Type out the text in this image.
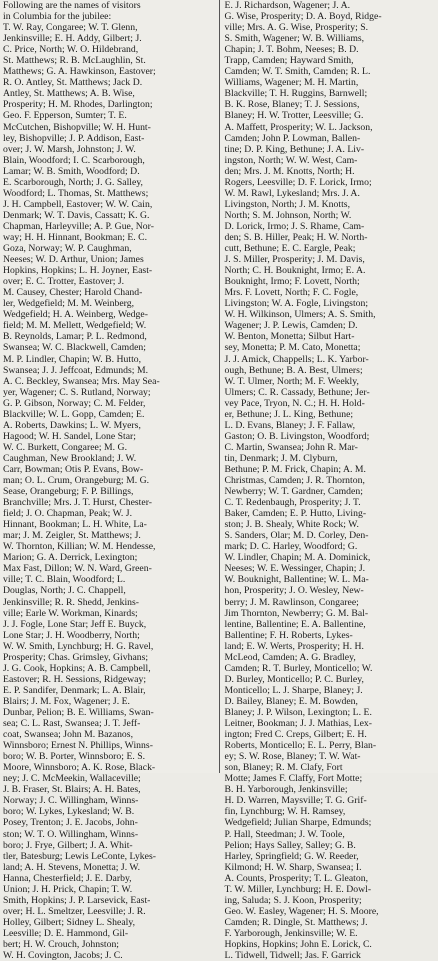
Following are the names of visitors
in Columbia for the jubilee:
T. W. Ray, Congaree; W. T. Glenn,
Jenkinsville; E. H. Addy, Gilbert; J.
C. Price, North; W. O. Hildebrand,
St. Matthews; R. B. McLaughlin, St.
Matthews; G. A. Hawkinson, Eastover;
R. O. Antley, St. Matthews; Jack D.
Antley, St. Matthews; A. B. Wise,
Prosperity; H. M. Rhodes, Darlington;
Geo. F. Epperson, Sumter; T. E.
McCutchen, Bishopville; W. H. Hunt-
ley, Bishopville; J. P. Addison, East-
over; J. W. Marsh, Johnston; J. W.
Blain, Woodford; I. C. Scarborough,
Lamar; W. B. Smith, Woodford; D.
E. Scarborough, North; J. G. Salley,
Woodford; L. Thomas, St. Matthews;
J. H. Campbell, Eastover; W. W. Cain,
Denmark; W. T. Davis, Cassatt; K. G.
Chapman, Harleyville; A. P. Gue, Nor-
way; H. H. Hinnant, Bookman; E. C.
Goza, Norway; W. P. Caughman,
Neeses; W. D. Arthur, Union; James
Hopkins, Hopkins; L. H. Joyner, East-
over; E. C. Trotter, Eastover; J.
M. Causey, Chester; Harold Chand-
ler, Wedgefield; M. M. Weinberg,
Wedgefield; H. A. Weinberg, Wedge-
field; M. M. Mellett, Wedgefield; W.
B. Reynolds, Lamar; P. L. Redmond,
Swansea; W. C. Blackwell, Camden;
M. P. Lindler, Chapin; W. B. Hutto,
Swansea; J. J. Jeffcoat, Edmunds; M.
A. C. Beckley, Swansea; Mrs. May Sea-
yer, Wagener; C. S. Rutland, Norway;
G. P. Gibson, Norway; C. M. Felder,
Blackville; W. L. Gopp, Camden; E.
A. Roberts, Dawkins; L. W. Myers,
Hagood; W. H. Sandel, Lone Star;
W. C. Burkett, Congaree; M. G.
Caughman, New Brookland; J. W.
Carr, Bowman; Otis P. Evans, Bow-
man; O. L. Crum, Orangeburg; M. G.
Sease, Orangeburg; F. P. Billings,
Branchville; Mrs. J. T. Hurst, Chester-
field; J. O. Chapman, Peak; W. J.
Hinnant, Bookman; L. H. White, La-
mar; J. M. Zeigler, St. Matthews; J.
W. Thornton, Killian; W. M. Hendesse,
Marion; G. A. Derrick, Lexington;
Max Fast, Dillon; W. N. Ward, Green-
ville; T. C. Blain, Woodford; L.
Douglas, North; J. C. Chappell,
Jenkinsville; R. R. Shedd, Jenkins-
ville; Earle W. Workman, Kinards;
J. J. Fogle, Lone Star; Jeff E. Buyck,
Lone Star; J. H. Woodberry, North;
W. W. Smith, Lynchburg; H. G. Ravel,
Prosperity; Chas. Grimsley, Givhans;
J. G. Cook, Hopkins; A. B. Campbell,
Eastover; R. H. Sessions, Ridgeway;
E. P. Sandifer, Denmark; L. A. Blair,
Blairs; J. M. Fox, Wagener; J. E.
Dunbar, Pelion; B. E. Williams, Swan-
sea; C. L. Rast, Swansea; J. T. Jeff-
coat, Swansea; John M. Bazanos,
Winnsboro; Ernest N. Phillips, Winns-
boro; W. B. Porter, Winnsboro; E. S.
Moore, Winnsboro; A. K. Rose, Black-
ney; J. C. McMeekin, Wallaceville;
J. B. Fraser, St. Blairs; A. H. Bates,
Norway; J. C. Willingham, Winns-
boro; W. Lykes, Lykesland; W. B.
Posey, Trenton; J. E. Jacobs, John-
ston; W. T. O. Willingham, Winns-
boro; J. Frye, Gilbert; J. A. Whit-
tler, Batesburg; Lewis LeConte, Lykes-
land; A. H. Stevens, Monetta; J. W.
Hanna, Chesterfield; J. E. Darby,
Union; J. H. Prick, Chapin; T. W.
Smith, Hopkins; J. P. Larsevick, East-
over; H. L. Smeltzer, Leesville; J. R.
Holley, Gilbert; Sidney L. Shealy,
Leesville; D. E. Hammond, Gil-
bert; H. W. Crouch, Johnston;
W. H. Covington, Jacobs; J. C.
E. J. Richardson, Wagener; J. A.
G. Wise, Prosperity; D. A. Boyd, Ridge-
ville; Mrs. A. G. Wise, Prosperity; S.
S. Smith, Wagener; W. B. Williams,
Chapin; J. T. Bohm, Neeses; B. D.
Trapp, Camden; Hayward Smith,
Camden; W. T. Smith, Camden; R. L.
Williams, Wagener; M. H. Martin,
Blackville; T. H. Ruggins, Barnwell;
B. K. Rose, Blaney; T. J. Sessions,
Blaney; H. W. Trotter, Leesville; G.
A. Maffett, Prosperity; W. L. Jackson,
Camden; John P. Lowman, Ballen-
tine; D. P. King, Bethune; J. A. Liv-
ingston, North; W. W. West, Cam-
den; Mrs. J. M. Knotts, North; H.
Rogers, Leesville; D. F. Lorick, Irmo;
W. M. Rawl, Lykesland; Mrs. J. A.
Livingston, North; J. M. Knotts,
North; S. M. Johnson, North; W.
D. Lorick, Irmo; J. S. Rhame, Cam-
den; S. B. Hiller, Peak; H. W. North-
cutt, Bethune; E. C. Eargle, Peak;
J. S. Miller, Prosperity; J. M. Davis,
North; C. H. Bouknight, Irmo; E. A.
Bouknight, Irmo; F. Lovett, North;
Mrs. F. Lovett, North; F. C. Fogle,
Livingston; W. A. Fogle, Livingston;
W. H. Wilkinson, Ulmers; A. S. Smith,
Wagener; J. P. Lewis, Camden; D.
W. Benton, Monetta; Silbut Hart-
sey, Monetta; P. M. Cato, Monetta;
J. J. Amick, Chappells; L. K. Yarbor-
ough, Bethune; B. A. Best, Ulmers;
W. T. Ulmer, North; M. F. Weekly,
Ulmers; C. R. Cassady, Bethune; Jer-
vey Pace, Tryon, N. C.; H. H. Hold-
er, Bethune; J. L. King, Bethune;
L. D. Evans, Blaney; J. F. Fallaw,
Gaston; O. B. Livingston, Woodford;
C. Martin, Swansea; John R. Mar-
tin, Denmark; J. M. Clyburn,
Bethune; P. M. Frick, Chapin; A. M.
Christmas, Camden; J. R. Thornton,
Newberry; W. T. Gardner, Camden;
C. T. Redenbaugh, Prosperity; J. T.
Baker, Camden; E. P. Hutto, Living-
ston; J. B. Shealy, White Rock; W.
S. Sanders, Olar; M. D. Corley, Den-
mark; D. C. Harley, Woodford; G.
W. Lindler, Chapin; M. A. Dominick,
Neeses; W. E. Wessinger, Chapin; J.
W. Bouknight, Ballentine; W. L. Ma-
hon, Prosperity; J. O. Wesley, New-
berry; J. M. Rawlinson, Congaree;
Jim Thornton, Newberry; G. M. Bal-
lentine, Ballentine; E. A. Ballentine,
Ballentine; F. H. Roberts, Lykes-
land; E. W. Werts, Prosperity; H. H.
McLeod, Camden; A. G. Bradley,
Camden; R. T. Burley, Monticello; W.
D. Burley, Monticello; P. C. Burley,
Monticello; L. J. Sharpe, Blaney; J.
D. Bailey, Blaney; E. M. Bowden,
Blaney; J. P. Wilson, Lexington; L. E.
Leitner, Bookman; J. J. Mathias, Lex-
ington; Fred C. Creps, Gilbert; E. H.
Roberts, Monticello; E. L. Perry, Blan-
ey; S. W. Rose, Blaney; T. W. Wat-
son, Blaney; R. M. Clafy, Fort
Motte; James F. Claffy, Fort Motte;
B. H. Yarborough, Jenkinsville;
H. D. Warren, Maysville; T. G. Grif-
fin, Lynchburg; W. H. Ramsey,
Wedgefield; Julian Sharpe, Edmunds;
P. Hall, Steedman; J. W. Toole,
Pelion; Hays Salley, Salley; G. B.
Harley, Springfield; G. W. Reeder,
Kilmond; H. W. Sharp, Swansea; I.
A. Counts, Prosperity; T. L. Gleaton,
T. W. Miller, Lynchburg; H. E. Dowl-
ing, Saluda; S. J. Koon, Prosperity;
Geo. W. Easley, Wagener; H. S. Moore,
Camden; R. Dingle, St. Matthews; J.
F. Yarborough, Jenkinsville; W. E.
Hopkins, Hopkins; John E. Lorick, C.
L. Tidwell, Tidwell; Jas. F. Garrick
